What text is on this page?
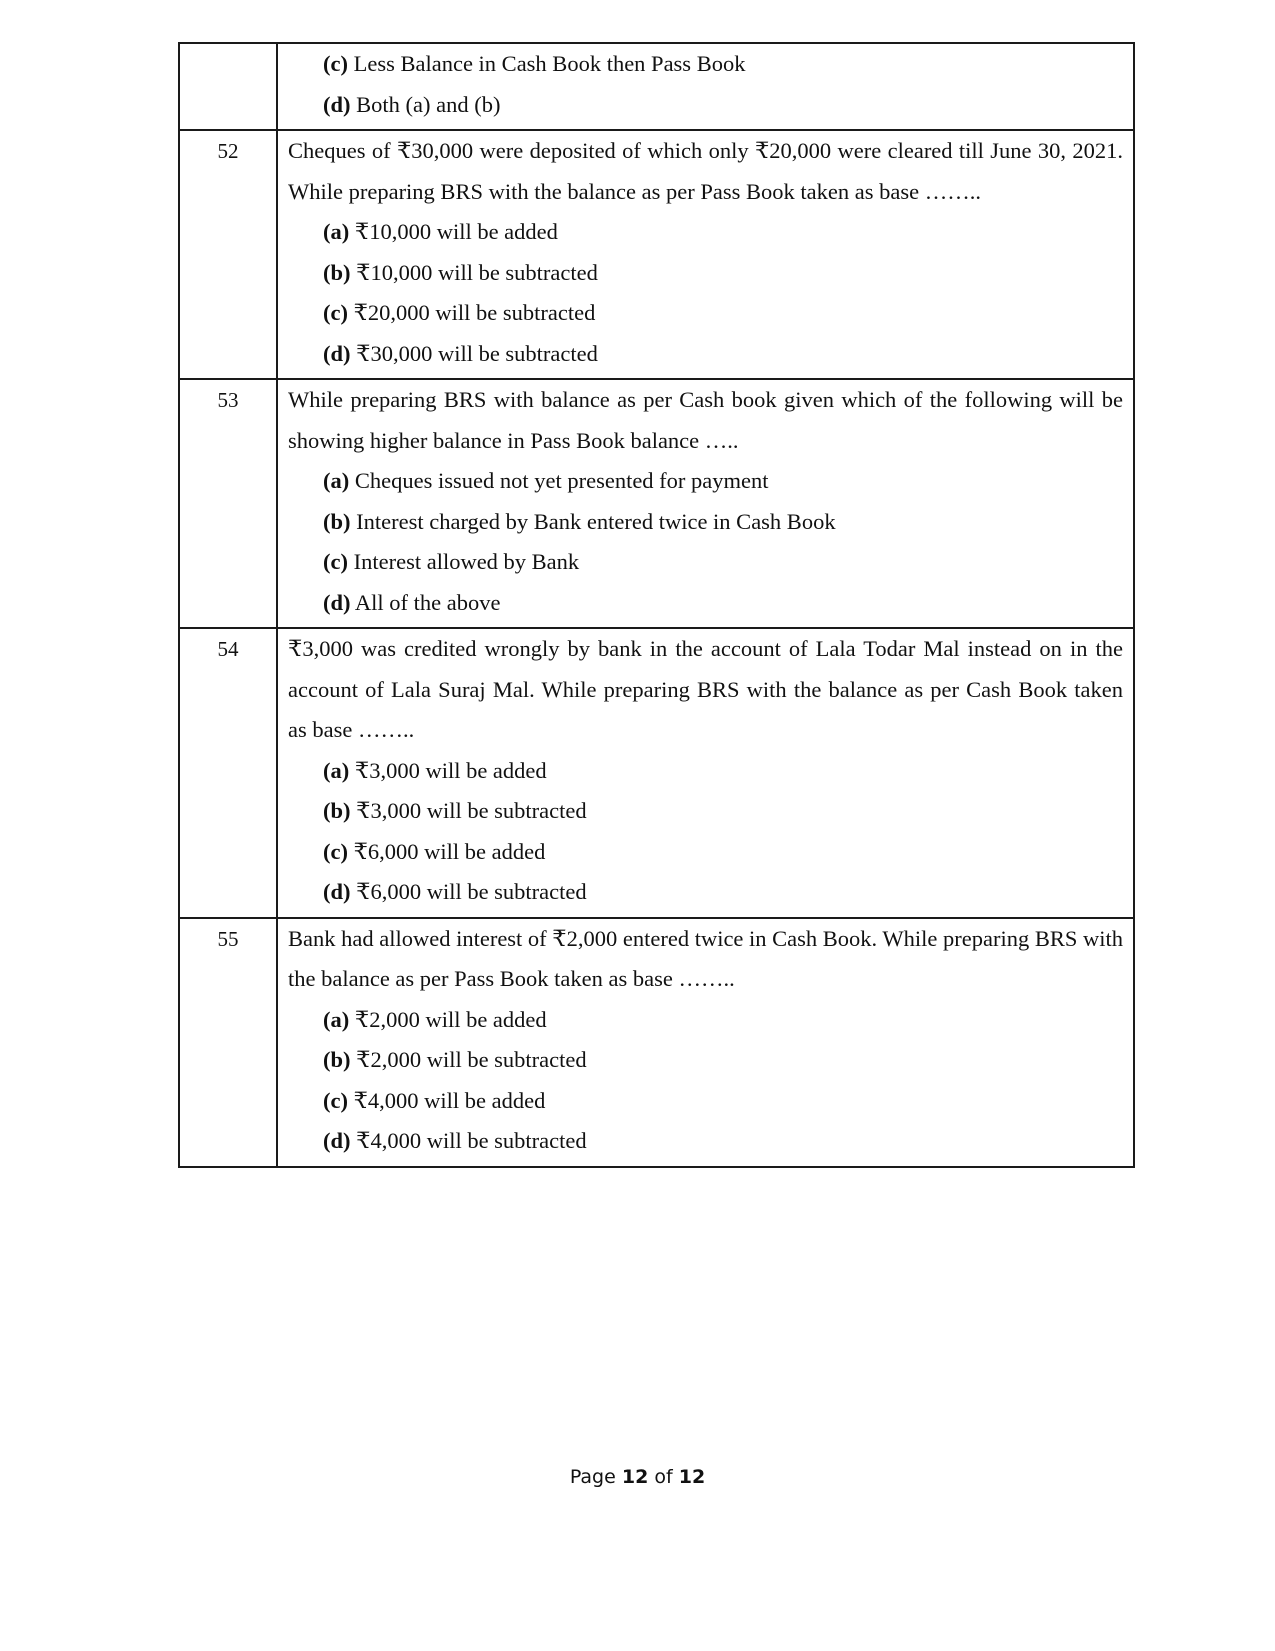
	(c) Less Balance in Cash Book then Pass Book

(d) Both (a) and (b)

52	Cheques of ₹30,000 were deposited of which only ₹20,000 were cleared till June 30, 2021. While preparing BRS with the balance as per Pass Book taken as base ……..

(a) ₹10,000 will be added

(b) ₹10,000 will be subtracted

(c) ₹20,000 will be subtracted

(d) ₹30,000 will be subtracted

53	While preparing BRS with balance as per Cash book given which of the following will be showing higher balance in Pass Book balance …..

(a) Cheques issued not yet presented for payment

(b) Interest charged by Bank entered twice in Cash Book

(c) Interest allowed by Bank

(d) All of the above

54	₹3,000 was credited wrongly by bank in the account of Lala Todar Mal instead on in the account of Lala Suraj Mal. While preparing BRS with the balance as per Cash Book taken as base ……..

(a) ₹3,000 will be added

(b) ₹3,000 will be subtracted

(c) ₹6,000 will be added

(d) ₹6,000 will be subtracted

55	Bank had allowed interest of ₹2,000 entered twice in Cash Book. While preparing BRS with the balance as per Pass Book taken as base ……..

(a) ₹2,000 will be added

(b) ₹2,000 will be subtracted

(c) ₹4,000 will be added

(d) ₹4,000 will be subtracted

Page 12 of 12
